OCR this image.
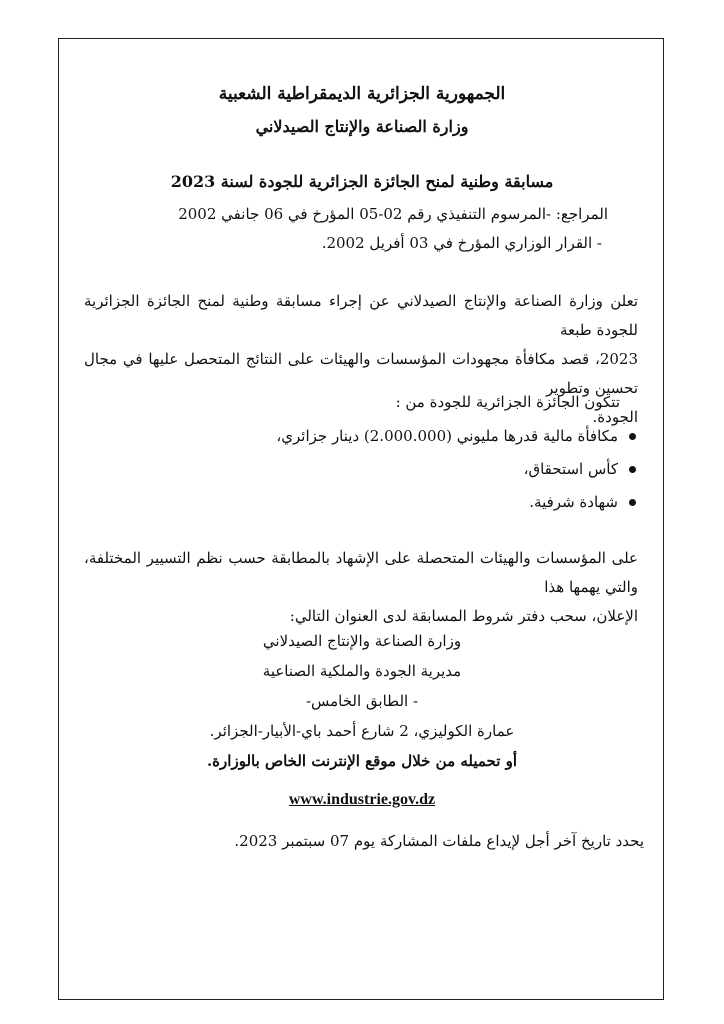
الجمهورية الجزائرية الديمقراطية الشعبية
وزارة الصناعة والإنتاج الصيدلاني
مسابقة وطنية لمنح الجائزة الجزائرية للجودة لسنة 2023
المراجع: -المرسوم التنفيذي رقم 02-05 المؤرخ في 06 جانفي 2002
- القرار الوزاري المؤرخ في 03 أفريل 2002.
تعلن وزارة الصناعة والإنتاج الصيدلاني عن إجراء مسابقة وطنية لمنح الجائزة الجزائرية للجودة طبعة
2023، قصد مكافأة مجهودات المؤسسات والهيئات على النتائج المتحصل عليها في مجال تحسين وتطوير
الجودة.
تتكون الجائزة الجزائرية للجودة من :
مكافأة مالية قدرها مليوني (2.000.000) دينار جزائري،
كأس استحقاق،
شهادة شرفية.
على المؤسسات والهيئات المتحصلة على الإشهاد بالمطابقة حسب نظم التسيير المختلفة، والتي يهمها هذا
الإعلان، سحب دفتر شروط المسابقة لدى العنوان التالي:
وزارة الصناعة والإنتاج الصيدلاني
مديرية الجودة والملكية الصناعية
- الطابق الخامس-
عمارة الكوليزي، 2 شارع أحمد باي-الأبيار-الجزائر.
أو تحميله من خلال موقع الإنترنت الخاص بالوزارة.
www.industrie.gov.dz
يحدد تاريخ آخر أجل لإيداع ملفات المشاركة يوم 07 سبتمبر 2023.
